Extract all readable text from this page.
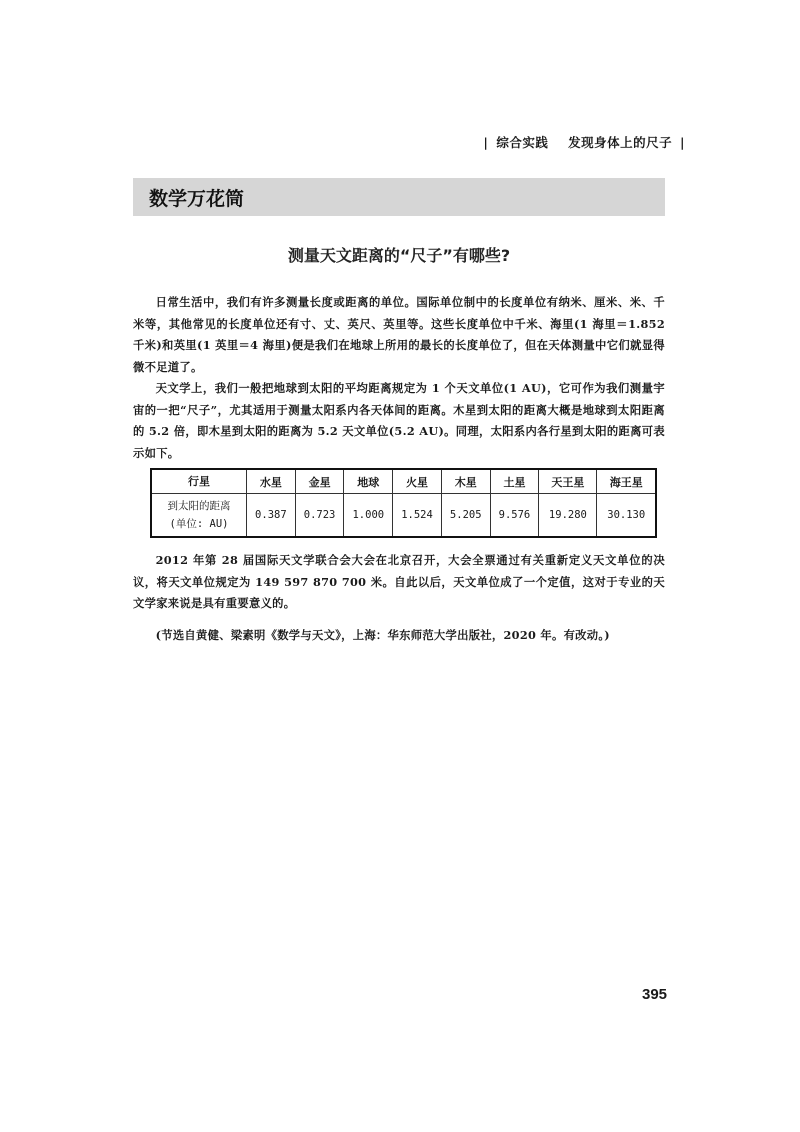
| 综合实践 发现身体上的尺子 |
数学万花筒
测量天文距离的“尺子”有哪些?

日常生活中，我们有许多测量长度或距离的单位。国际单位制中的长度单位有纳米、厘米、米、千米等，其他常见的长度单位还有寸、丈、英尺、英里等。这些长度单位中千米、海里(1 海里＝1.852 千米)和英里(1 英里＝4 海里)便是我们在地球上所用的最长的长度单位了，但在天体测量中它们就显得微不足道了。

天文学上，我们一般把地球到太阳的平均距离规定为 1 个天文单位(1 AU)，它可作为我们测量宇宙的一把“尺子”，尤其适用于测量太阳系内各天体间的距离。木星到太阳的距离大概是地球到太阳距离的 5.2 倍，即木星到太阳的距离为 5.2 天文单位(5.2 AU)。同理，太阳系内各行星到太阳的距离可表示如下。

行星	水星	金星	地球	火星	木星	土星	天王星	海王星

到太阳的距离
(单位: AU)	0.387	0.723	1.000	1.524	5.205	9.576	19.280	30.130

2012 年第 28 届国际天文学联合会大会在北京召开，大会全票通过有关重新定义天文单位的决议，将天文单位规定为 149 597 870 700 米。自此以后，天文单位成了一个定值，这对于专业的天文学家来说是具有重要意义的。

(节选自黄健、梁素明《数学与天文》，上海：华东师范大学出版社，2020 年。有改动。)

395
